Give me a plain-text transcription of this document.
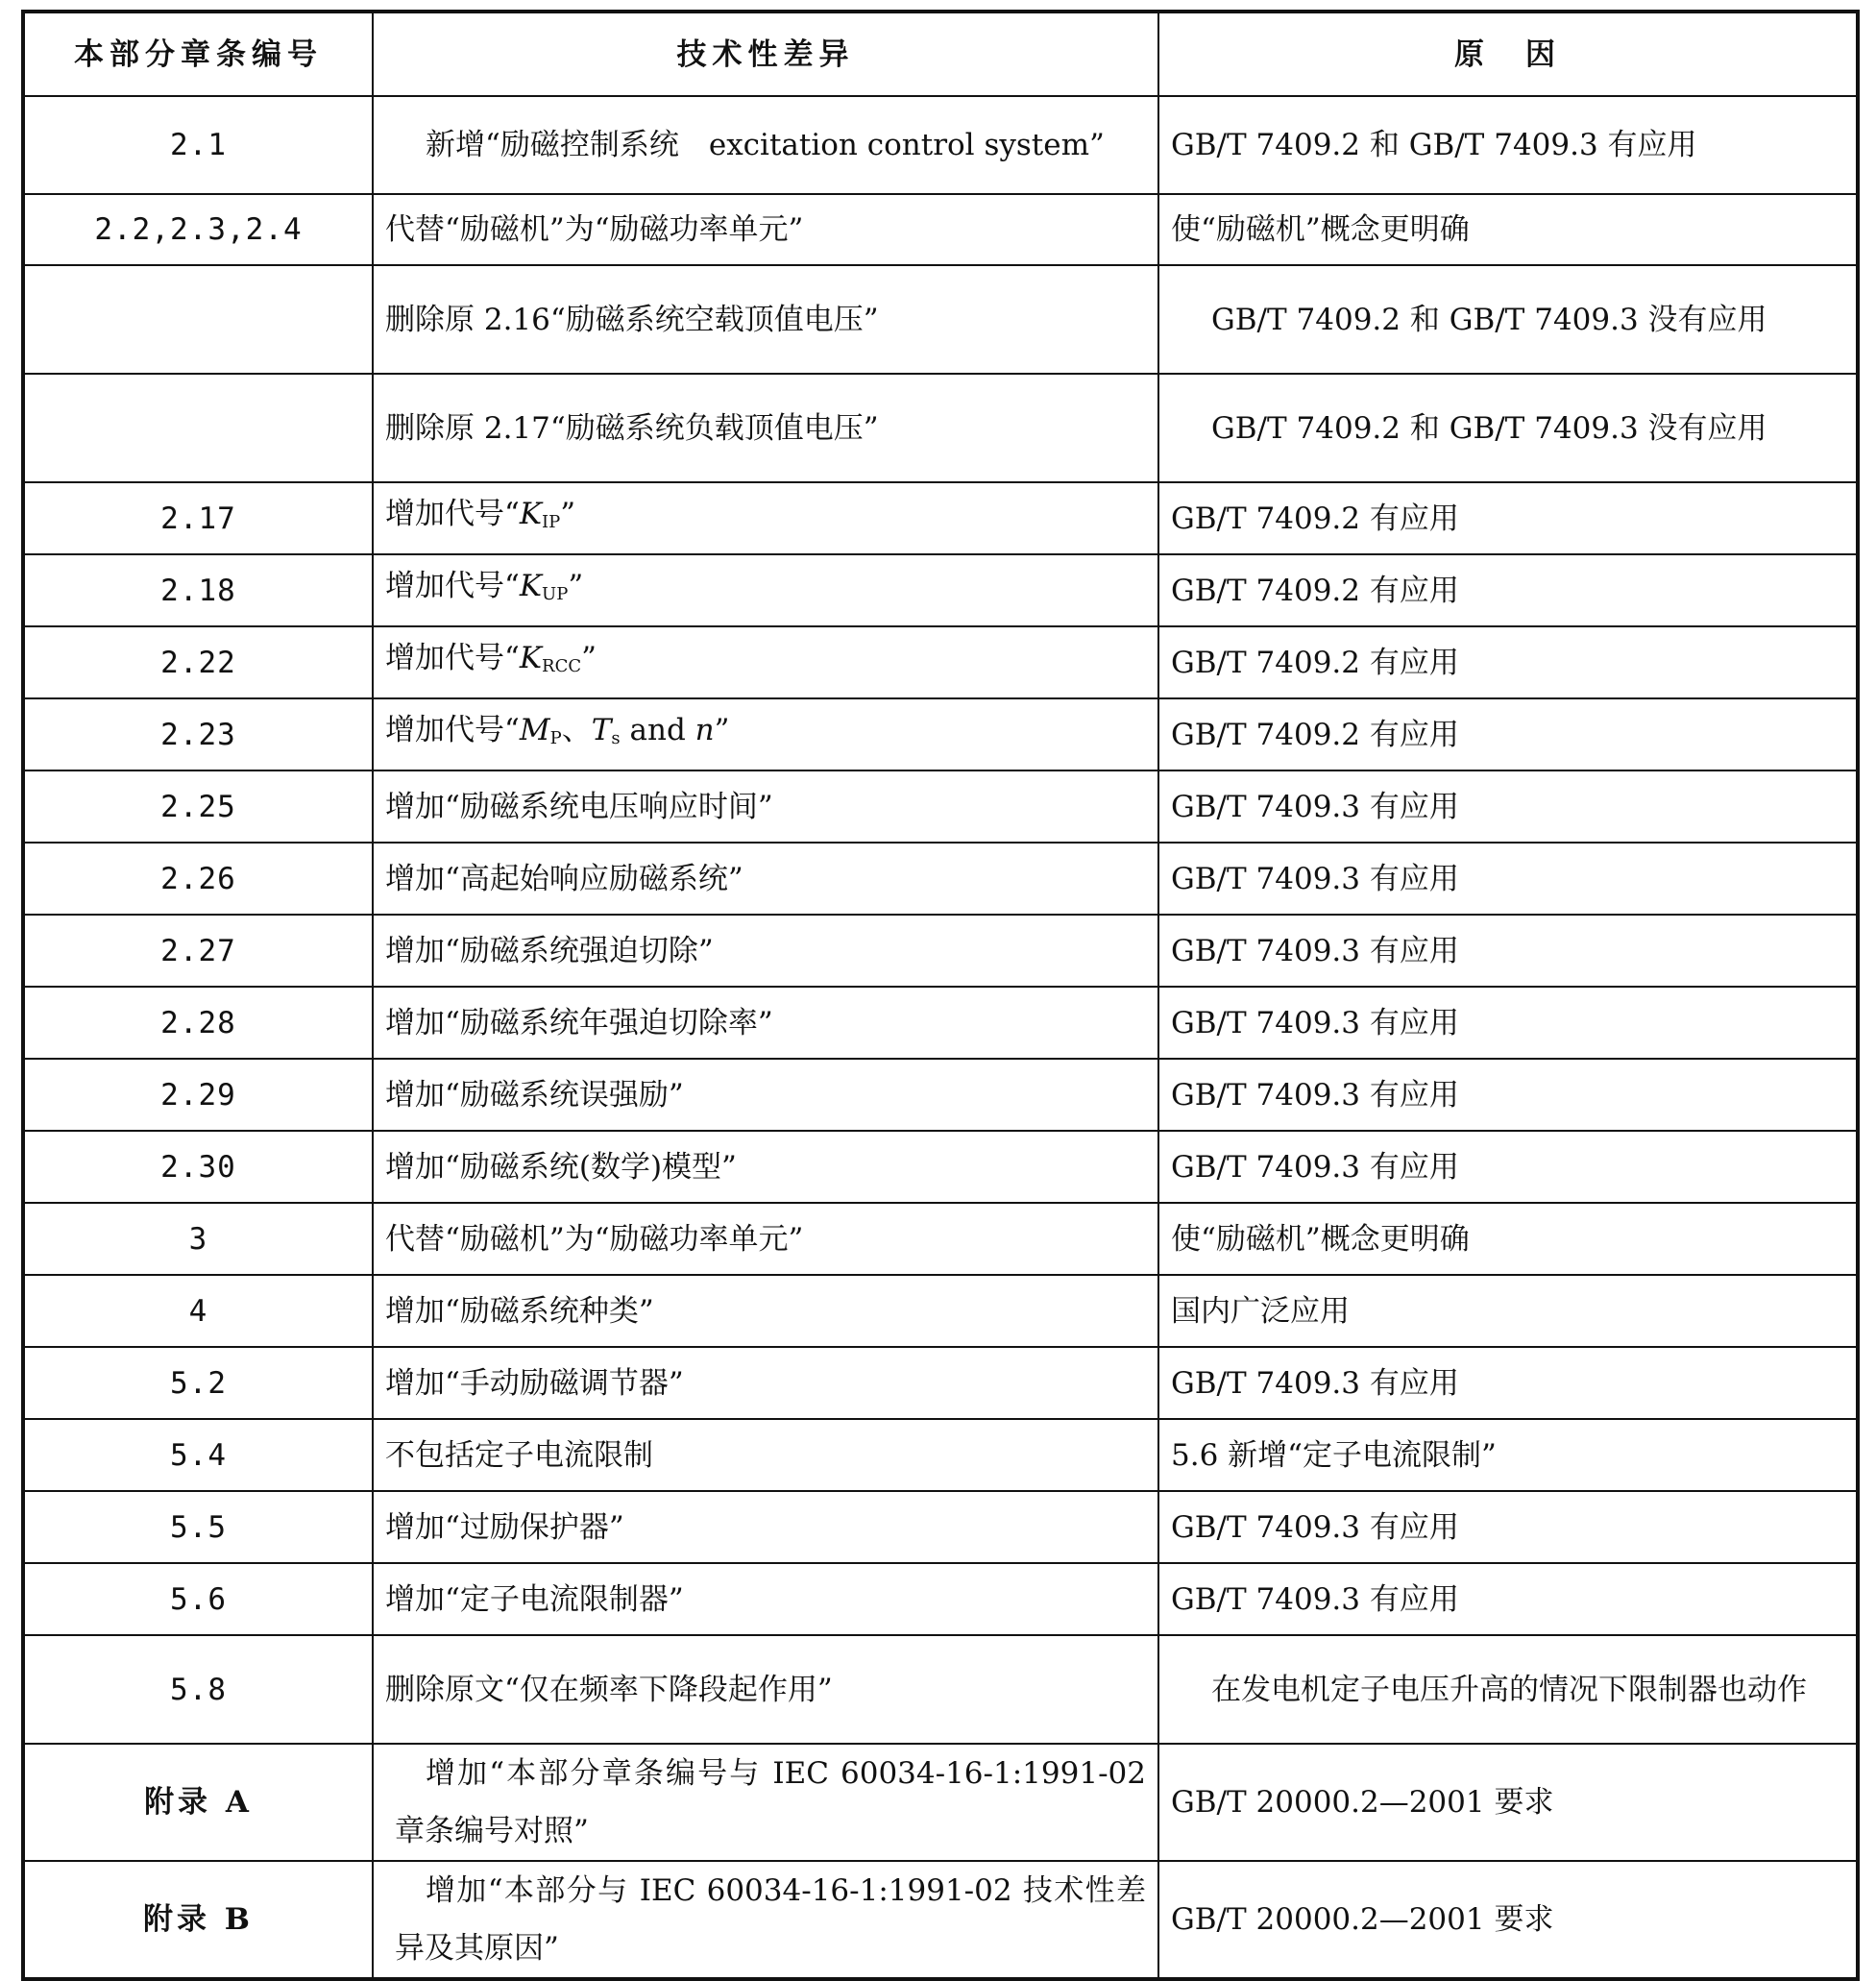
本部分章条编号	技术性差异	原　因
2.1	新增“励磁控制系统　excitation control system”	GB/T 7409.2 和 GB/T 7409.3 有应用
2.2,2.3,2.4	代替“励磁机”为“励磁功率单元”	使“励磁机”概念更明确
	删除原 2.16“励磁系统空载顶值电压”	GB/T 7409.2 和 GB/T 7409.3 没有应用
	删除原 2.17“励磁系统负载顶值电压”	GB/T 7409.2 和 GB/T 7409.3 没有应用
2.17	增加代号“$K_{IP}$”	GB/T 7409.2 有应用
2.18	增加代号“$K_{UP}$”	GB/T 7409.2 有应用
2.22	增加代号“$K_{RCC}$”	GB/T 7409.2 有应用
2.23	增加代号“$M_P$、$T_s$ and n”	GB/T 7409.2 有应用
2.25	增加“励磁系统电压响应时间”	GB/T 7409.3 有应用
2.26	增加“高起始响应励磁系统”	GB/T 7409.3 有应用
2.27	增加“励磁系统强迫切除”	GB/T 7409.3 有应用
2.28	增加“励磁系统年强迫切除率”	GB/T 7409.3 有应用
2.29	增加“励磁系统误强励”	GB/T 7409.3 有应用
2.30	增加“励磁系统(数学)模型”	GB/T 7409.3 有应用
3	代替“励磁机”为“励磁功率单元”	使“励磁机”概念更明确
4	增加“励磁系统种类”	国内广泛应用
5.2	增加“手动励磁调节器”	GB/T 7409.3 有应用
5.4	不包括定子电流限制	5.6 新增“定子电流限制”
5.5	增加“过励保护器”	GB/T 7409.3 有应用
5.6	增加“定子电流限制器”	GB/T 7409.3 有应用
5.8	删除原文“仅在频率下降段起作用”	在发电机定子电压升高的情况下限制器也动作
附录 A	增加“本部分章条编号与 IEC 60034-16-1:1991-02 章条编号对照”	GB/T 20000.2—2001 要求
附录 B	增加“本部分与 IEC 60034-16-1:1991-02 技术性差异及其原因”	GB/T 20000.2—2001 要求
